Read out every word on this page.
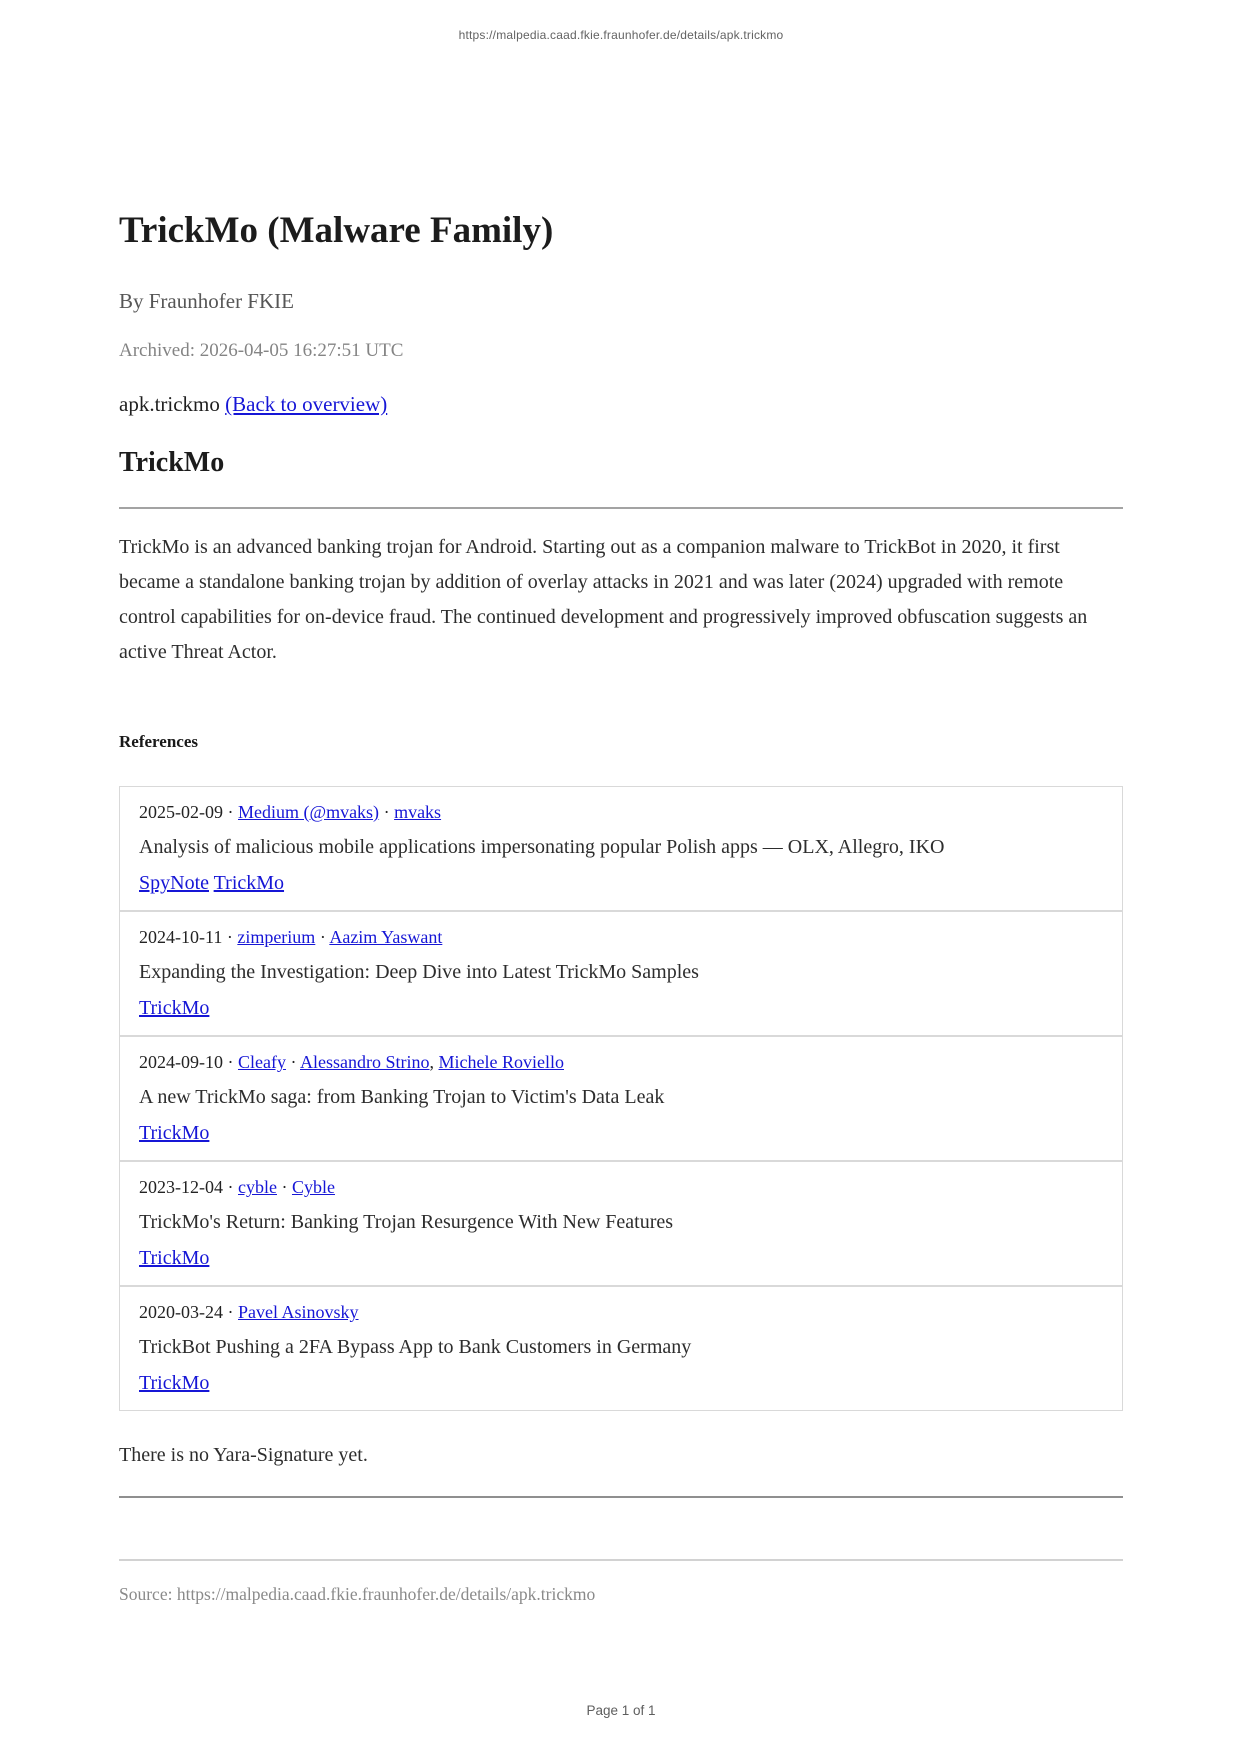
https://malpedia.caad.fkie.fraunhofer.de/details/apk.trickmo
TrickMo (Malware Family)
By Fraunhofer FKIE
Archived: 2026-04-05 16:27:51 UTC
apk.trickmo (Back to overview)
TrickMo

TrickMo is an advanced banking trojan for Android. Starting out as a companion malware to TrickBot in 2020, it first became a standalone banking trojan by addition of overlay attacks in 2021 and was later (2024) upgraded with remote control capabilities for on-device fraud. The continued development and progressively improved obfuscation suggests an active Threat Actor.

References
2025-02-09 · Medium (@mvaks) · mvaks
Analysis of malicious mobile applications impersonating popular Polish apps — OLX, Allegro, IKO
SpyNote TrickMo
2024-10-11 · zimperium · Aazim Yaswant
Expanding the Investigation: Deep Dive into Latest TrickMo Samples
TrickMo
2024-09-10 · Cleafy · Alessandro Strino, Michele Roviello
A new TrickMo saga: from Banking Trojan to Victim's Data Leak
TrickMo
2023-12-04 · cyble · Cyble
TrickMo's Return: Banking Trojan Resurgence With New Features
TrickMo
2020-03-24 · Pavel Asinovsky
TrickBot Pushing a 2FA Bypass App to Bank Customers in Germany
TrickMo
There is no Yara-Signature yet.
Source: https://malpedia.caad.fkie.fraunhofer.de/details/apk.trickmo
Page 1 of 1
